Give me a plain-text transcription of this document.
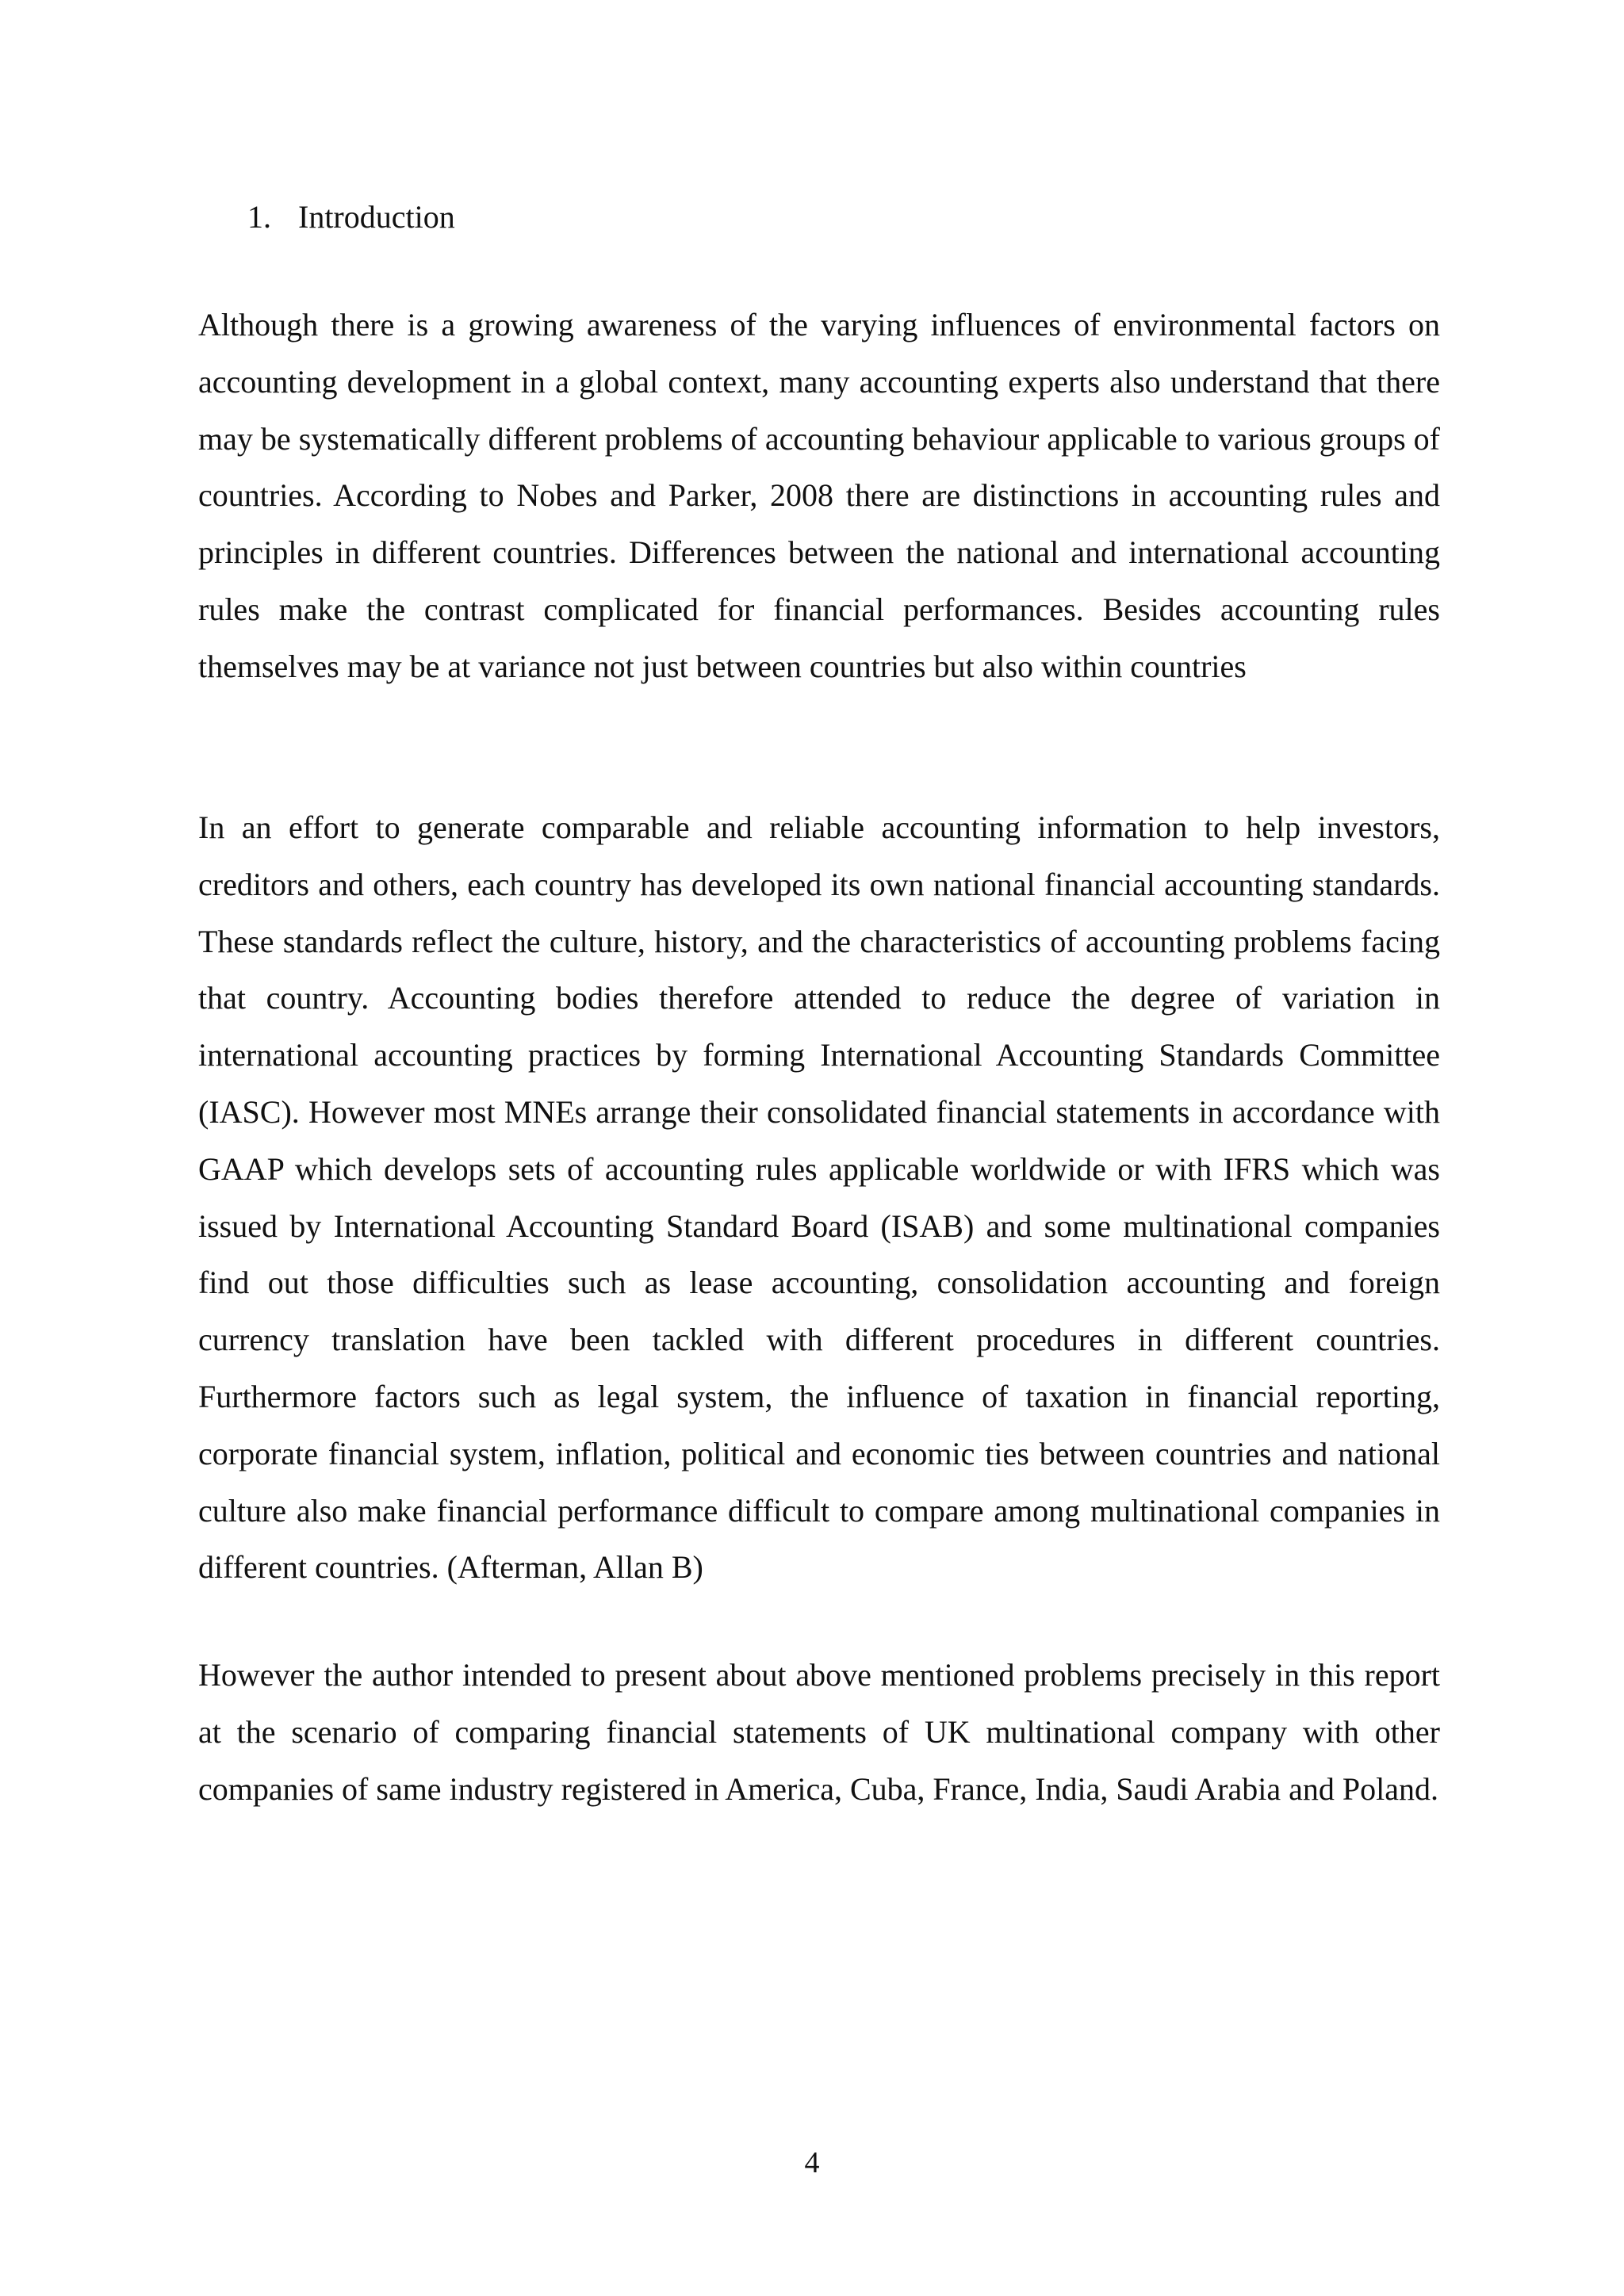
1. Introduction

Although there is a growing awareness of the varying influences of environmental factors on accounting development in a global context, many accounting experts also understand that there may be systematically different problems of accounting behaviour applicable to various groups of countries. According to Nobes and Parker, 2008 there are distinctions in accounting rules and principles in different countries. Differences between the national and international accounting rules make the contrast complicated for financial performances. Besides accounting rules themselves may be at variance not just between countries but also within countries

In an effort to generate comparable and reliable accounting information to help investors, creditors and others, each country has developed its own national financial accounting standards. These standards reflect the culture, history, and the characteristics of accounting problems facing that country. Accounting bodies therefore attended to reduce the degree of variation in international accounting practices by forming International Accounting Standards Committee (IASC). However most MNEs arrange their consolidated financial statements in accordance with GAAP which develops sets of accounting rules applicable worldwide or with IFRS which was issued by International Accounting Standard Board (ISAB) and some multinational companies find out those difficulties such as lease accounting, consolidation accounting and foreign currency translation have been tackled with different procedures in different countries. Furthermore factors such as legal system, the influence of taxation in financial reporting, corporate financial system, inflation, political and economic ties between countries and national culture also make financial performance difficult to compare among multinational companies in different countries. (Afterman, Allan B)

However the author intended to present about above mentioned problems precisely in this report at the scenario of comparing financial statements of UK multinational company with other companies of same industry registered in America, Cuba, France, India, Saudi Arabia and Poland.

4
